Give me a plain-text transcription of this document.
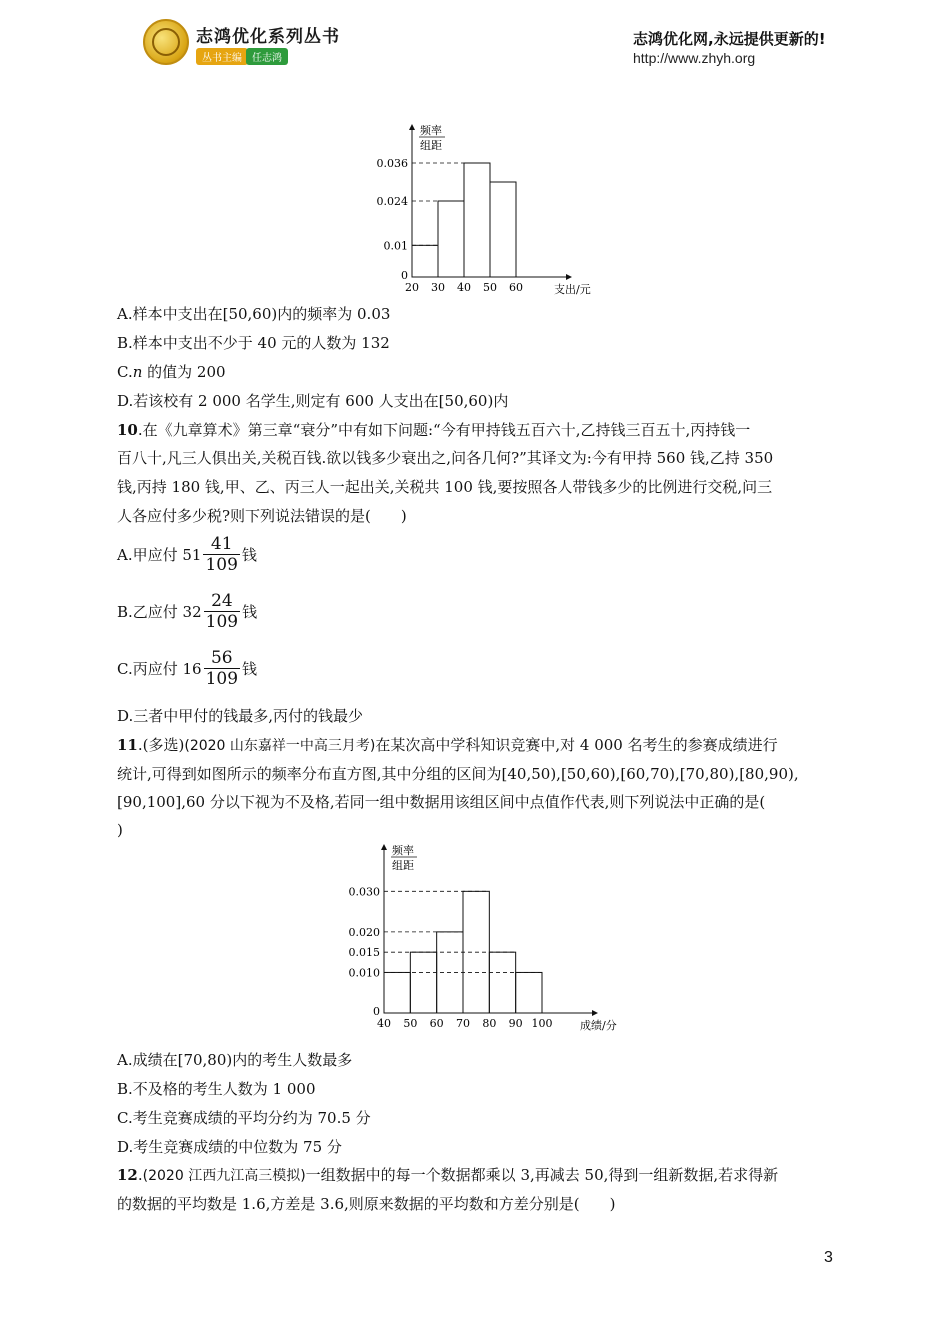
志鸿优化系列丛书
丛书主编	任志鸿
志鸿优化网,永远提供更新的!
http://www.zhyh.org
频率
组距
0.01
0.024
0.036
0
20 30 40 50 60	支出/元
A.样本中支出在[50,60)内的频率为 0.03
B.样本中支出不少于 40 元的人数为 132
C.n 的值为 200
D.若该校有 2 000 名学生,则定有 600 人支出在[50,60)内
10.在《九章算术》第三章“衰分”中有如下问题:“今有甲持钱五百六十,乙持钱三百五十,丙持钱一
百八十,凡三人俱出关,关税百钱.欲以钱多少衰出之,问各几何?”其译文为:今有甲持 560 钱,乙持 350
钱,丙持 180 钱,甲、乙、丙三人一起出关,关税共 100 钱,要按照各人带钱多少的比例进行交税,问三
人各应付多少税?则下列说法错误的是(　　)
A.甲应付 $51 \frac{41}{109}$ 钱
B.乙应付 $32 \frac{24}{109}$ 钱
C.丙应付 $16 \frac{56}{109}$ 钱
D.三者中甲付的钱最多,丙付的钱最少
11.(多选)(2020 山东嘉祥一中高三月考)在某次高中学科知识竞赛中,对 4 000 名考生的参赛成绩进行
统计,可得到如图所示的频率分布直方图,其中分组的区间为[40,50),[50,60),[60,70),[70,80),[80,90),
[90,100],60 分以下视为不及格,若同一组中数据用该组区间中点值作代表,则下列说法中正确的是(
)
频率
组距
0.010
0.015
0.020
0.030
0
40 50 60 70 80 90 100	成绩/分
A.成绩在[70,80)内的考生人数最多
B.不及格的考生人数为 1 000
C.考生竞赛成绩的平均分约为 70.5 分
D.考生竞赛成绩的中位数为 75 分
12.(2020 江西九江高三模拟)一组数据中的每一个数据都乘以 3,再减去 50,得到一组新数据,若求得新
的数据的平均数是 1.6,方差是 3.6,则原来数据的平均数和方差分别是(　　)
3
